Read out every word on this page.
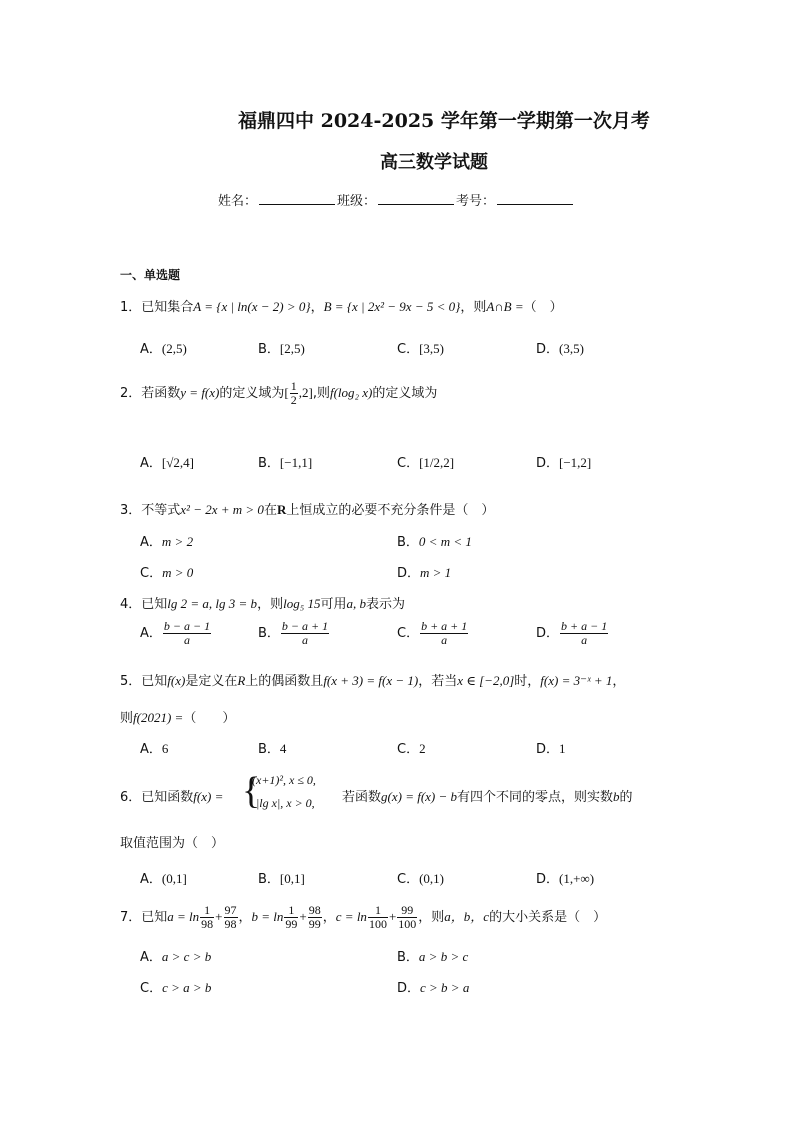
福鼎四中 2024-2025 学年第一学期第一次月考
高三数学试题
姓名：	班级：	考号：
一、单选题
1．已知集合A = {x | ln(x − 2) > 0}，B = {x | 2x² − 9x − 5 < 0}，则A∩B =（　）
A．(2,5)	B．[2,5)	C．[3,5)	D．(3,5)
2．若函数y = f(x)的定义域为[ $\frac{1}{2} ,2$],则f(log₂ x)的定义域为
A．[√2,4]	B．[−1,1]	C．[1/2,2]	D．[−1,2]
3．不等式x² − 2x + m > 0在R上恒成立的必要不充分条件是（　）
A．m > 2	B．0 < m < 1
C．m > 0	D．m > 1
4．已知lg 2 = a, lg 3 = b，则log₅ 15可用a, b表示为
A． $\frac{b - a - 1}{a}$	B． $\frac{b - a + 1}{a}$	C． $\frac{b + a + 1}{a}$	D． $\frac{b + a - 1}{a}$
5．已知f(x)是定义在R上的偶函数且f(x + 3) = f(x − 1)，若当x ∈ [−2,0]时，f(x) = 3⁻ˣ + 1，
则f(2021) =（　　）
A．6	B．4	C．2	D．1
6．已知函数f(x) = {
(x+1)², x ≤ 0,
|lg x|, x > 0, 若函数g(x) = f(x) − b有四个不同的零点，则实数b的
取值范围为（　）
A．(0,1]	B．[0,1]	C．(0,1)	D．(1,+∞)
7．已知$a = \ln \frac{1}{98} + \frac{97}{98}$ ，$b = \ln \frac{1}{99} + \frac{98}{99}$ ，$c = \ln \frac{1}{100} + \frac{99}{100}$ ，则a，b，c的大小关系是（　）
A．a > c > b	B．a > b > c
C．c > a > b	D．c > b > a
